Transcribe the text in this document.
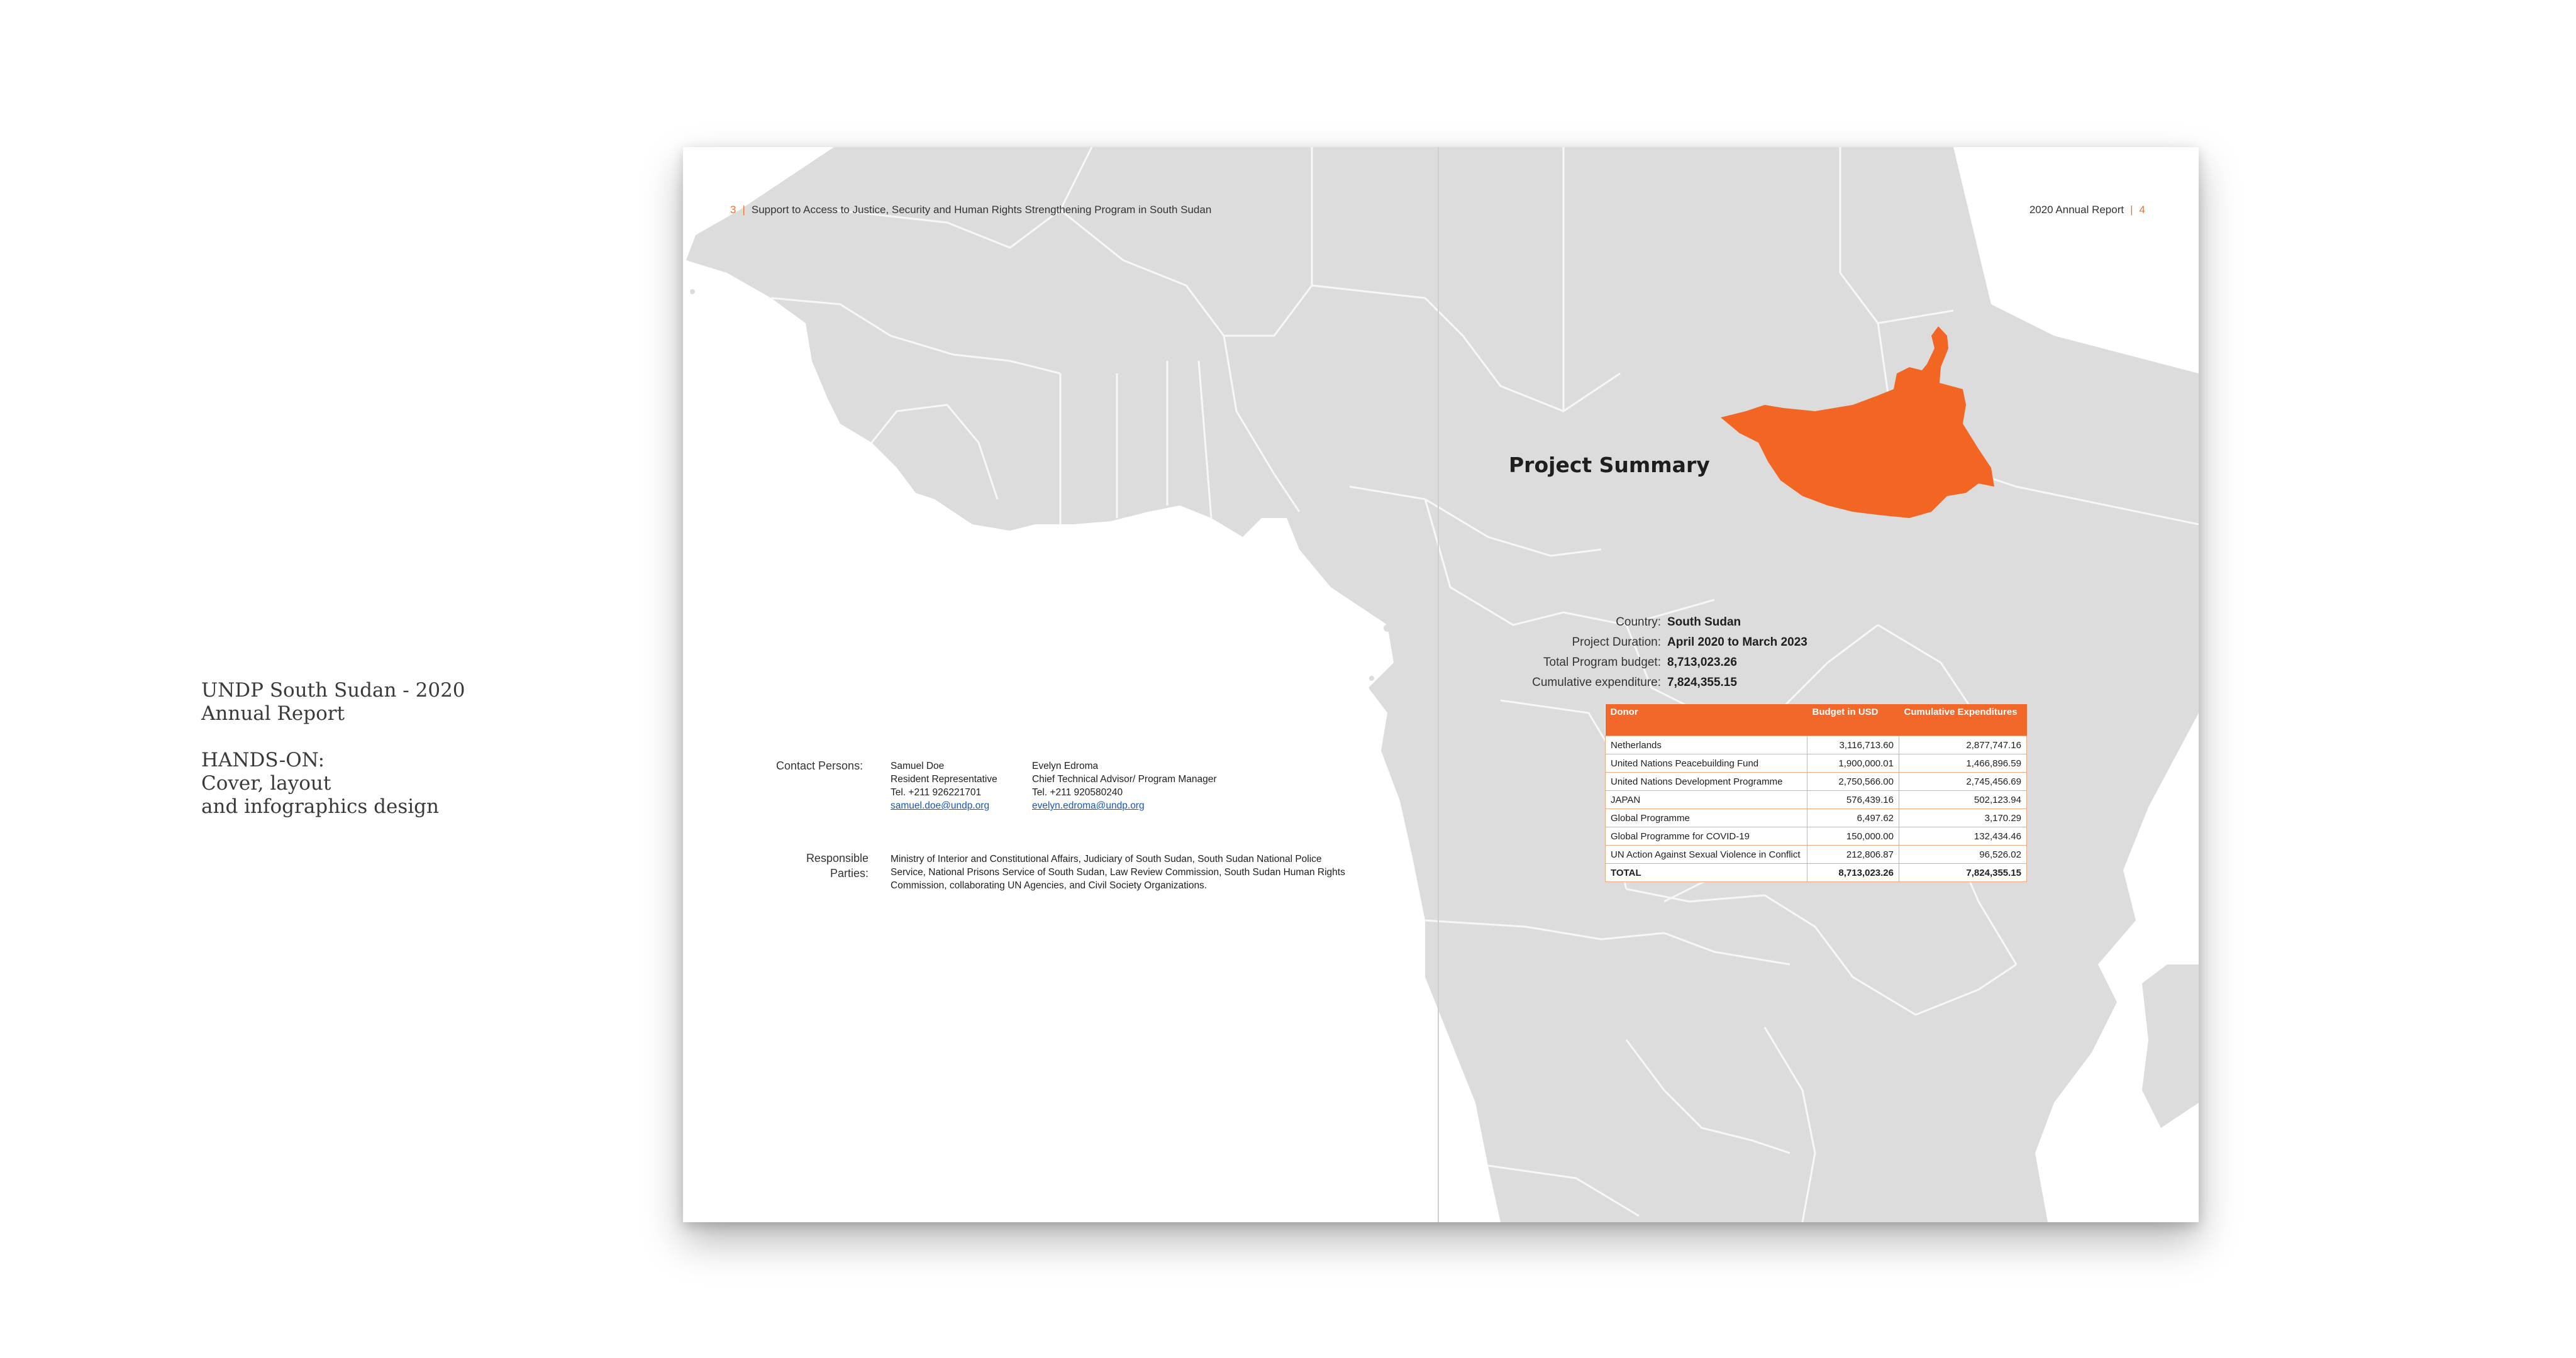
UNDP South Sudan - 2020
Annual Report
HANDS-ON:
Cover, layout
and infographics design
3 | Support to Access to Justice, Security and Human Rights Strengthening Program in South Sudan	2020 Annual Report | 4
Project Summary
Country: South Sudan
Project Duration: April 2020 to March 2023
Total Program budget: 8,713,023.26
Cumulative expenditure: 7,824,355.15
Donor	Budget in USD	Cumulative Expenditures
Netherlands	3,116,713.60	2,877,747.16
United Nations Peacebuilding Fund	1,900,000.01	1,466,896.59
United Nations Development Programme	2,750,566.00	2,745,456.69
JAPAN	576,439.16	502,123.94
Global Programme	6,497.62	3,170.29
Global Programme for COVID-19	150,000.00	132,434.46
UN Action Against Sexual Violence in Conflict	212,806.87	96,526.02
TOTAL	8,713,023.26	7,824,355.15
Contact Persons:	Samuel Doe
Resident Representative
Tel. +211 926221701
samuel.doe@undp.org
Evelyn Edroma
Chief Technical Advisor/ Program Manager
Tel. +211 920580240
evelyn.edroma@undp.org
Responsible
Parties:
Ministry of Interior and Constitutional Affairs, Judiciary of South Sudan, South Sudan National Police Service, National Prisons Service of South Sudan, Law Review Commission, South Sudan Human Rights Commission, collaborating UN Agencies, and Civil Society Organizations.
